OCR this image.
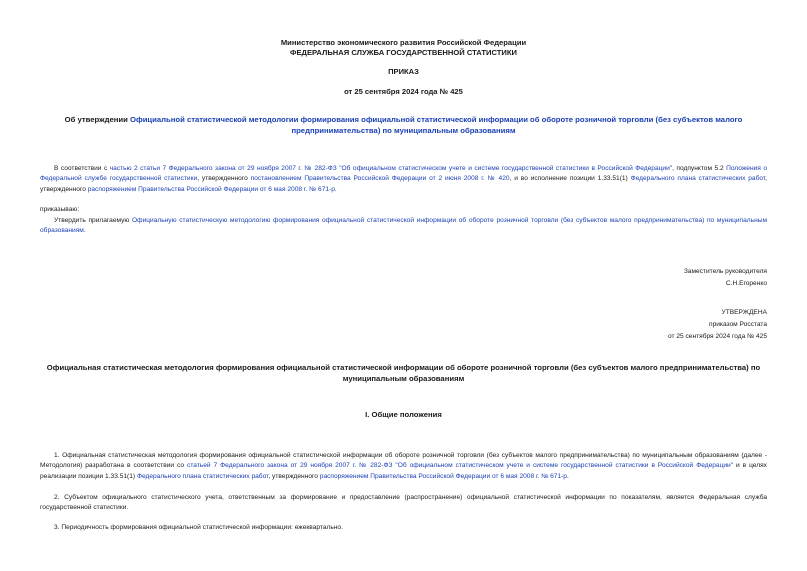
Министерство экономического развития Российской Федерации
ФЕДЕРАЛЬНАЯ СЛУЖБА ГОСУДАРСТВЕННОЙ СТАТИСТИКИ
ПРИКАЗ
от 25 сентября 2024 года № 425
Об утверждении Официальной статистической методологии формирования официальной статистической информации об обороте розничной торговли (без субъектов малого предпринимательства) по муниципальным образованиям
В соответствии с частью 2 статьи 7 Федерального закона от 29 ноября 2007 г. № 282-ФЗ "Об официальном статистическом учете и системе государственной статистики в Российской Федерации", подпунктом 5.2 Положения о Федеральной службе государственной статистики, утвержденного постановлением Правительства Российской Федерации от 2 июня 2008 г. № 420, и во исполнение позиции 1.33.51(1) Федерального плана статистических работ, утвержденного распоряжением Правительства Российской Федерации от 6 мая 2008 г. № 671-р.
приказываю:
Утвердить прилагаемую Официальную статистическую методологию формирования официальной статистической информации об обороте розничной торговли (без субъектов малого предпринимательства) по муниципальным образованиям.
Заместитель руководителя
С.Н.Егоренко
УТВЕРЖДЕНА
приказом Росстата
от 25 сентября 2024 года № 425
Официальная статистическая методология формирования официальной статистической информации об обороте розничной торговли (без субъектов малого предпринимательства) по муниципальным образованиям
I. Общие положения
1. Официальная статистическая методология формирования официальной статистической информации об обороте розничной торговли (без субъектов малого предпринимательства) по муниципальным образованиям (далее - Методология) разработана в соответствии со статьей 7 Федерального закона от 29 ноября 2007 г. № 282-ФЗ "Об официальном статистическом учете и системе государственной статистики в Российской Федерации" и в целях реализации позиции 1.33.51(1) Федерального плана статистических работ, утвержденного распоряжением Правительства Российской Федерации от 6 мая 2008 г. № 671-р.
2. Субъектом официального статистического учета, ответственным за формирование и предоставление (распространение) официальной статистической информации по показателям, является Федеральная служба государственной статистики.
3. Периодичность формирования официальной статистической информации: ежеквартально.
